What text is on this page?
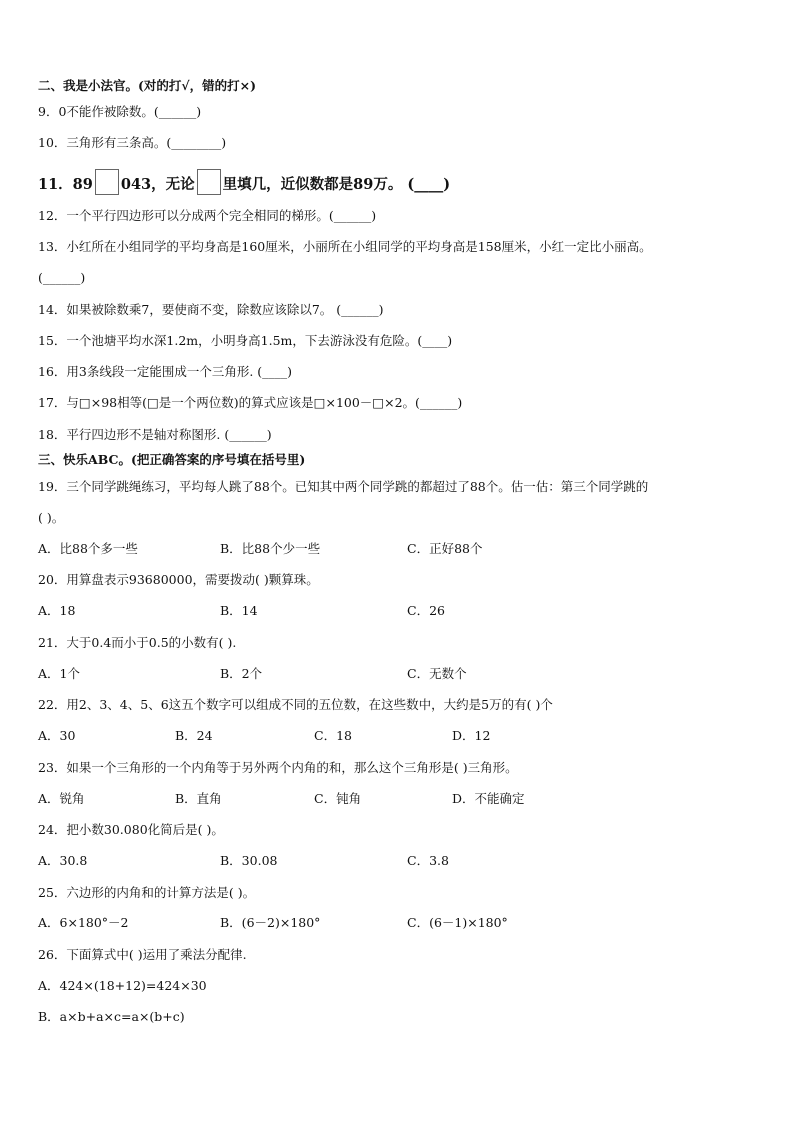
二、我是小法官。(对的打√，错的打×)
9．0不能作被除数。(______)
10．三角形有三条高。(________)
11．89 043，无论 里填几，近似数都是89万。 (____)
12．一个平行四边形可以分成两个完全相同的梯形。(______)
13．小红所在小组同学的平均身高是160厘米，小丽所在小组同学的平均身高是158厘米，小红一定比小丽高。
(______)
14．如果被除数乘7，要使商不变，除数应该除以7。 (______)
15．一个池塘平均水深1.2m，小明身高1.5m，下去游泳没有危险。(____)
16．用3条线段一定能围成一个三角形. (____)
17．与□×98相等(□是一个两位数)的算式应该是□×100－□×2。(______)
18．平行四边形不是轴对称图形. (______)
三、快乐ABC。(把正确答案的序号填在括号里)
19．三个同学跳绳练习，平均每人跳了88个。已知其中两个同学跳的都超过了88个。估一估：第三个同学跳的
( )。
A．比88个多一些	B．比88个少一些	C．正好88个
20．用算盘表示93680000，需要拨动( )颗算珠。
A．18	B．14	C．26
21．大于0.4而小于0.5的小数有( ).
A．1个	B．2个	C．无数个
22．用2、3、4、5、6这五个数字可以组成不同的五位数，在这些数中，大约是5万的有( )个
A．30	B．24	C．18	D．12
23．如果一个三角形的一个内角等于另外两个内角的和，那么这个三角形是( )三角形。
A．锐角	B．直角	C．钝角	D．不能确定
24．把小数30.080化简后是( )。
A．30.8	B．30.08	C．3.8
25．六边形的内角和的计算方法是( )。
A．6×180°－2	B．(6－2)×180°	C．(6－1)×180°
26．下面算式中( )运用了乘法分配律.
A．424×(18+12)=424×30
B．a×b+a×c=a×(b+c)
